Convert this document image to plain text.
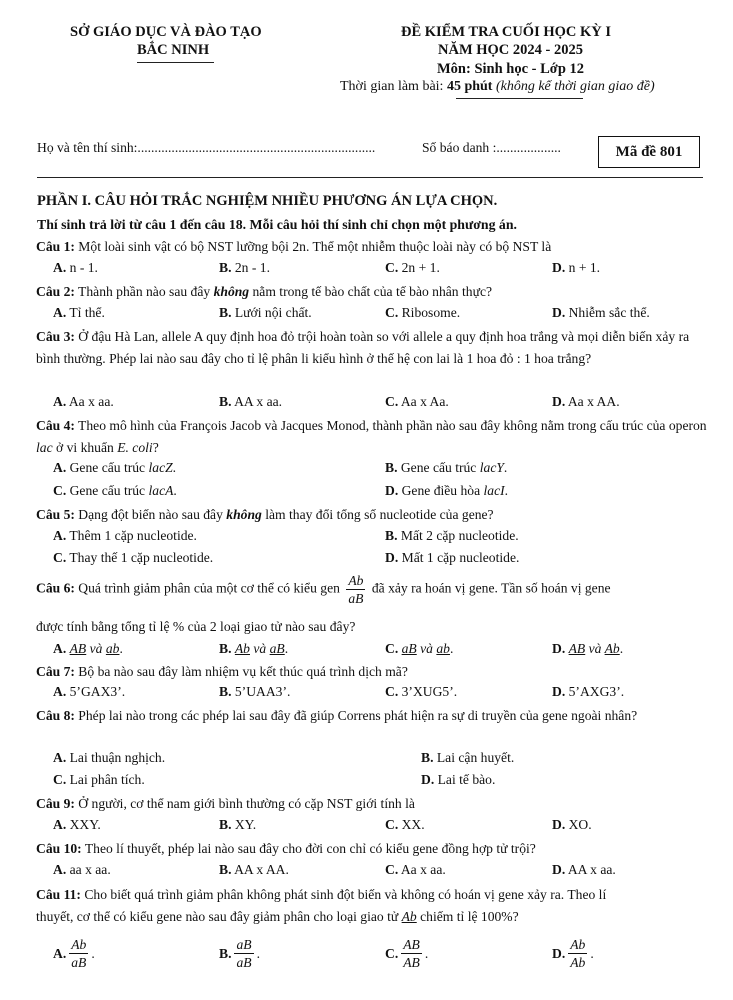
SỞ GIÁO DỤC VÀ ĐÀO TẠO
BẮC NINH
ĐỀ KIỂM TRA CUỐI HỌC KỲ I
NĂM HỌC 2024 - 2025
Môn: Sinh học - Lớp 12
Thời gian làm bài: 45 phút (không kể thời gian giao đề)
Họ và tên thí sinh:......................................................................	Số báo danh :...................	Mã đề 801
PHẦN I. CÂU HỎI TRẮC NGHIỆM NHIỀU PHƯƠNG ÁN LỰA CHỌN.
Thí sinh trả lời từ câu 1 đến câu 18. Mỗi câu hỏi thí sinh chỉ chọn một phương án.
Câu 1: Một loài sinh vật có bộ NST lưỡng bội 2n. Thể một nhiễm thuộc loài này có bộ NST là
A. n - 1.	B. 2n - 1.	C. 2n + 1.	D. n + 1.
Câu 2: Thành phần nào sau đây không nằm trong tế bào chất của tế bào nhân thực?
A. Tỉ thể.	B. Lưới nội chất.	C. Ribosome.	D. Nhiễm sắc thể.
Câu 3: Ở đậu Hà Lan, allele A quy định hoa đỏ trội hoàn toàn so với allele a quy định hoa trắng và mọi diễn biến xảy ra bình thường. Phép lai nào sau đây cho tỉ lệ phân li kiểu hình ở thế hệ con lai là 1 hoa đỏ : 1 hoa trắng?
A. Aa x aa.	B. AA x aa.	C. Aa x Aa.	D. Aa x AA.
Câu 4: Theo mô hình của François Jacob và Jacques Monod, thành phần nào sau đây không nằm trong cấu trúc của operon lac ở vi khuẩn E. coli?
A. Gene cấu trúc lacZ.	B. Gene cấu trúc lacY.
C. Gene cấu trúc lacA.	D. Gene điều hòa lacI.
Câu 5: Dạng đột biến nào sau đây không làm thay đổi tổng số nucleotide của gene?
A. Thêm 1 cặp nucleotide.	B. Mất 2 cặp nucleotide.
C. Thay thế 1 cặp nucleotide.	D. Mất 1 cặp nucleotide.
Câu 6: Quá trình giảm phân của một cơ thể có kiểu gen $\frac{Ab}{aB}$ đã xảy ra hoán vị gene. Tần số hoán vị gene
được tính bằng tổng tỉ lệ % của 2 loại giao tử nào sau đây?
A. AB và ab.	B. Ab và aB.	C. aB và ab.	D. AB và Ab.
Câu 7: Bộ ba nào sau đây làm nhiệm vụ kết thúc quá trình dịch mã?
A. 5’GAX3’.	B. 5’UAA3’.	C. 3’XUG5’.	D. 5’AXG3’.
Câu 8: Phép lai nào trong các phép lai sau đây đã giúp Correns phát hiện ra sự di truyền của gene ngoài nhân?
A. Lai thuận nghịch.	B. Lai cận huyết.
C. Lai phân tích.	D. Lai tế bào.
Câu 9: Ở người, cơ thể nam giới bình thường có cặp NST giới tính là
A. XXY.	B. XY.	C. XX.	D. XO.
Câu 10: Theo lí thuyết, phép lai nào sau đây cho đời con chỉ có kiểu gene đồng hợp tử trội?
A. aa x aa.	B. AA x AA.	C. Aa x aa.	D. AA x aa.
Câu 11: Cho biết quá trình giảm phân không phát sinh đột biến và không có hoán vị gene xảy ra. Theo lí
thuyết, cơ thể có kiểu gene nào sau đây giảm phân cho loại giao tử Ab chiếm tỉ lệ 100%?
A. $\frac{Ab}{aB}$ .	B. $\frac{aB}{aB}$ .	C. $\frac{AB}{AB}$ .	D. $\frac{Ab}{Ab}$ .
